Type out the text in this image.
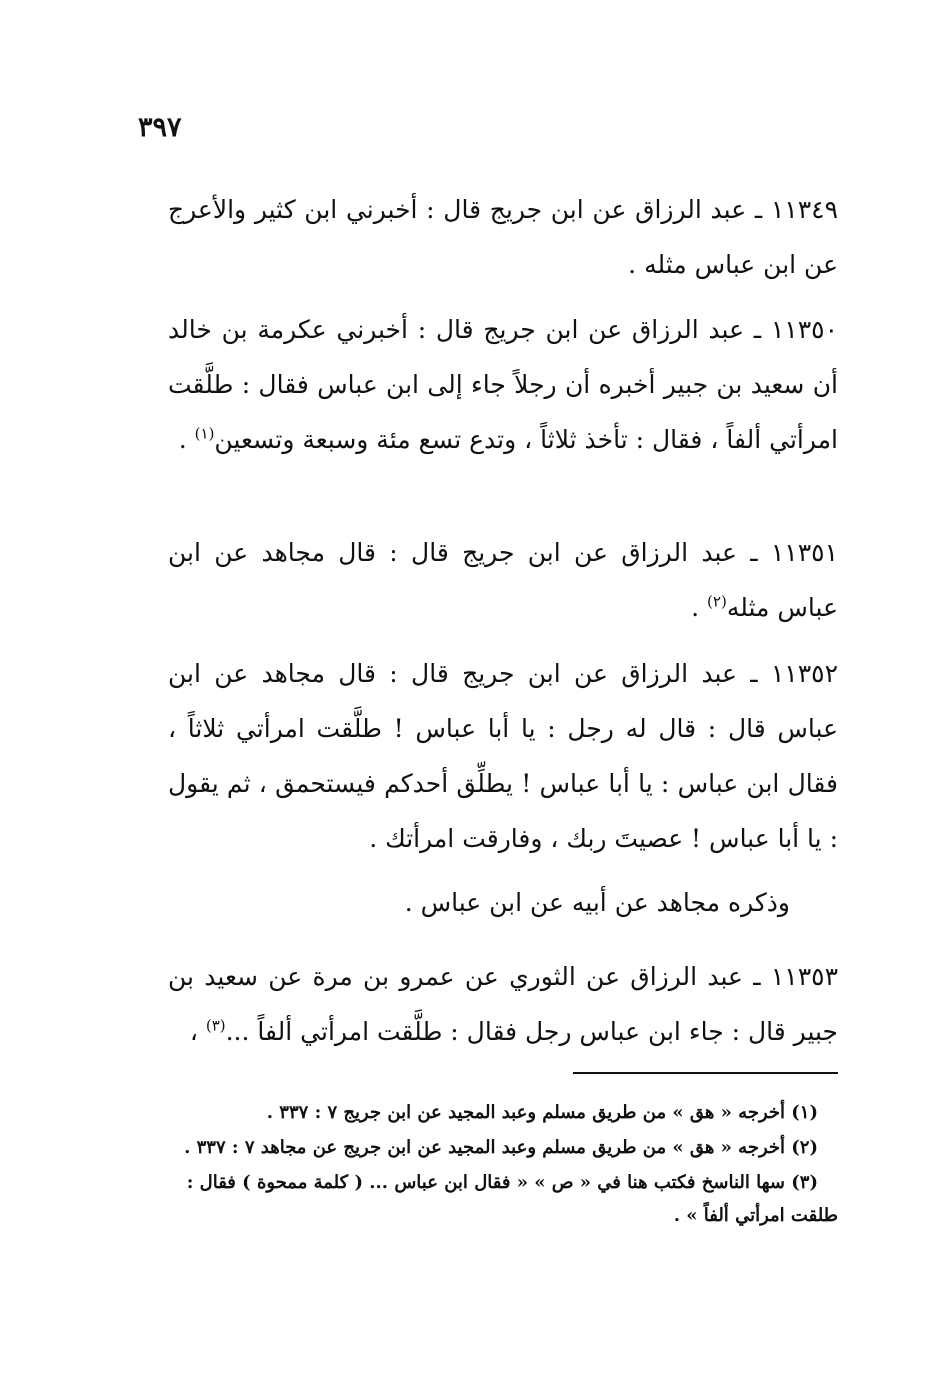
٣٩٧

١١٣٤٩ ـ عبد الرزاق عن ابن جريج قال : أخبرني ابن كثير والأعرج عن ابن عباس مثله .

١١٣٥٠ ـ عبد الرزاق عن ابن جريج قال : أخبرني عكرمة بن خالد أن سعيد بن جبير أخبره أن رجلاً جاء إلى ابن عباس فقال : طلَّقت امرأتي ألفاً ، فقال : تأخذ ثلاثاً ، وتدع تسع مئة وسبعة وتسعين$^{(١)}$ .

١١٣٥١ ـ عبد الرزاق عن ابن جريج قال : قال مجاهد عن ابن عباس مثله$^{(٢)}$ .

١١٣٥٢ ـ عبد الرزاق عن ابن جريج قال : قال مجاهد عن ابن عباس قال : قال له رجل : يا أبا عباس ! طلَّقت امرأتي ثلاثاً ، فقال ابن عباس : يا أبا عباس ! يطلِّق أحدكم فيستحمق ، ثم يقول : يا أبا عباس ! عصيتَ ربك ، وفارقت امرأتك .

وذكره مجاهد عن أبيه عن ابن عباس .

١١٣٥٣ ـ عبد الرزاق عن الثوري عن عمرو بن مرة عن سعيد بن جبير قال : جاء ابن عباس رجل فقال : طلَّقت امرأتي ألفاً ...$^{(٣)}$ ،

(١) أخرجه « هق » من طريق مسلم وعبد المجيد عن ابن جريج ٧ : ٣٣٧ .

(٢) أخرجه « هق » من طريق مسلم وعبد المجيد عن ابن جريج عن مجاهد ٧ : ٣٣٧ .

(٣) سها الناسخ فكتب هنا في « ص » « فقال ابن عباس ... ( كلمة ممحوة ) فقال : طلقت امرأتي ألفاً » .
